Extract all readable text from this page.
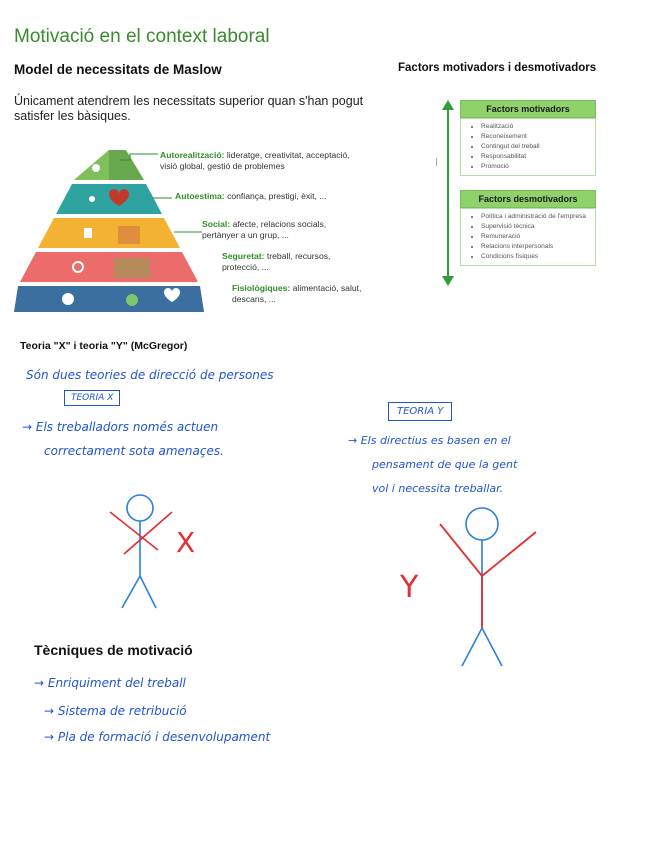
Motivació en el context laboral
Model de necessitats de Maslow
Únicament atendrem les necessitats superior quan s'han pogut satisfer les bàsiques.
Autorealització: lideratge, creativitat, acceptació, visió global, gestió de problemes
Autoestima: confiança, prestigi, èxit, ...
Social: afecte, relacions socials, pertànyer a un grup, ...
Seguretat: treball, recursos, protecció, ...
Fisiològiques: alimentació, salut, descans, ...
Factors motivadors i desmotivadors
Factors motivadors
• Realització
• Reconeixement
• Contingut del treball
• Responsabilitat
• Promoció
Factors desmotivadors
• Política i administració de l'empresa
• Supervisió tècnica
• Remuneració
• Relacions interpersonals
• Condicions físiques
Teoria "X" i teoria "Y" (McGregor)
Són dues teories de direcció de persones
TEORIA X
→ Els treballadors només actuen
correctament sota amenaçes.
TEORIA Y
→ Els directius es basen en el
pensament de que la gent
vol i necessita treballar.
X
Y
Tècniques de motivació
→ Enriquiment del treball
→ Sistema de retribució
→ Pla de formació i desenvolupament
